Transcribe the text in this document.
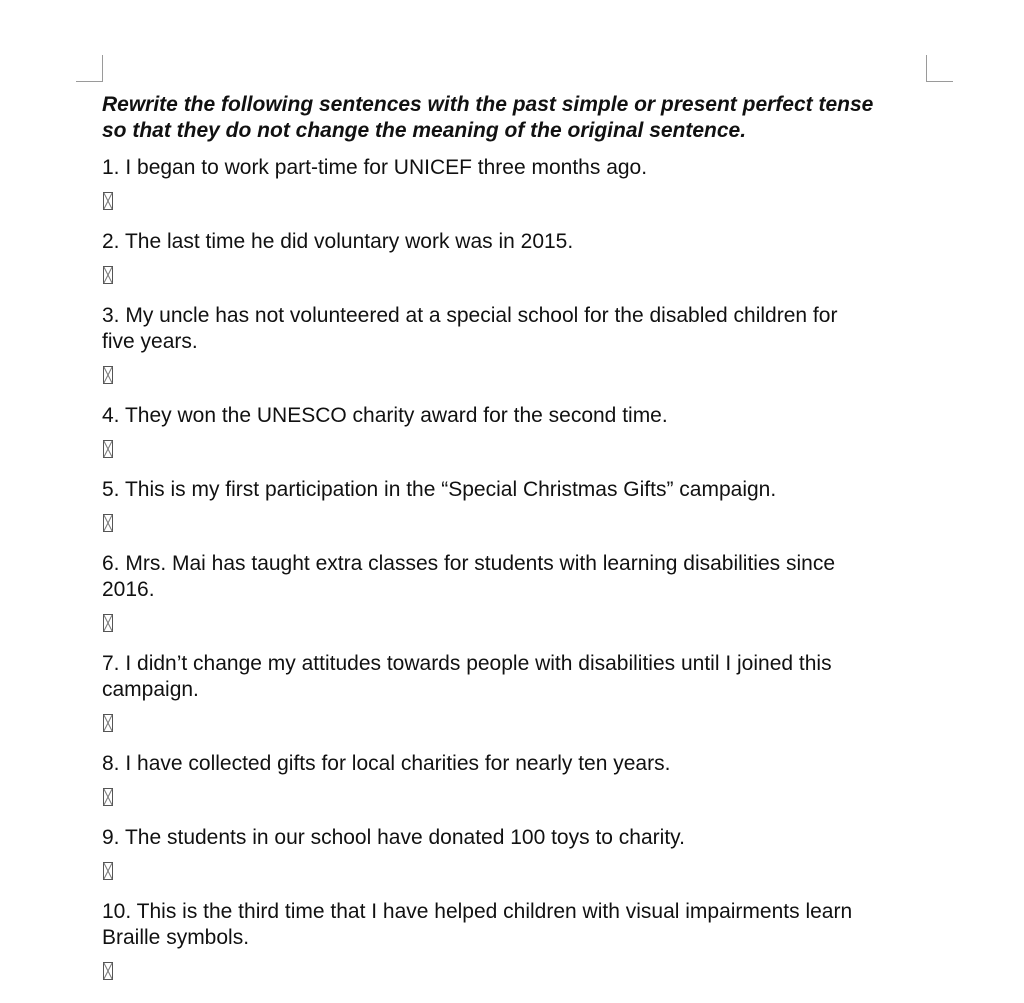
Rewrite the following sentences with the past simple or present perfect tense
so that they do not change the meaning of the original sentence.

1. I began to work part-time for UNICEF three months ago.

2. The last time he did voluntary work was in 2015.

3. My uncle has not volunteered at a special school for the disabled children for
five years.

4. They won the UNESCO charity award for the second time.

5. This is my first participation in the “Special Christmas Gifts” campaign.

6. Mrs. Mai has taught extra classes for students with learning disabilities since
2016.

7. I didn’t change my attitudes towards people with disabilities until I joined this
campaign.

8. I have collected gifts for local charities for nearly ten years.

9. The students in our school have donated 100 toys to charity.

10. This is the third time that I have helped children with visual impairments learn
Braille symbols.
